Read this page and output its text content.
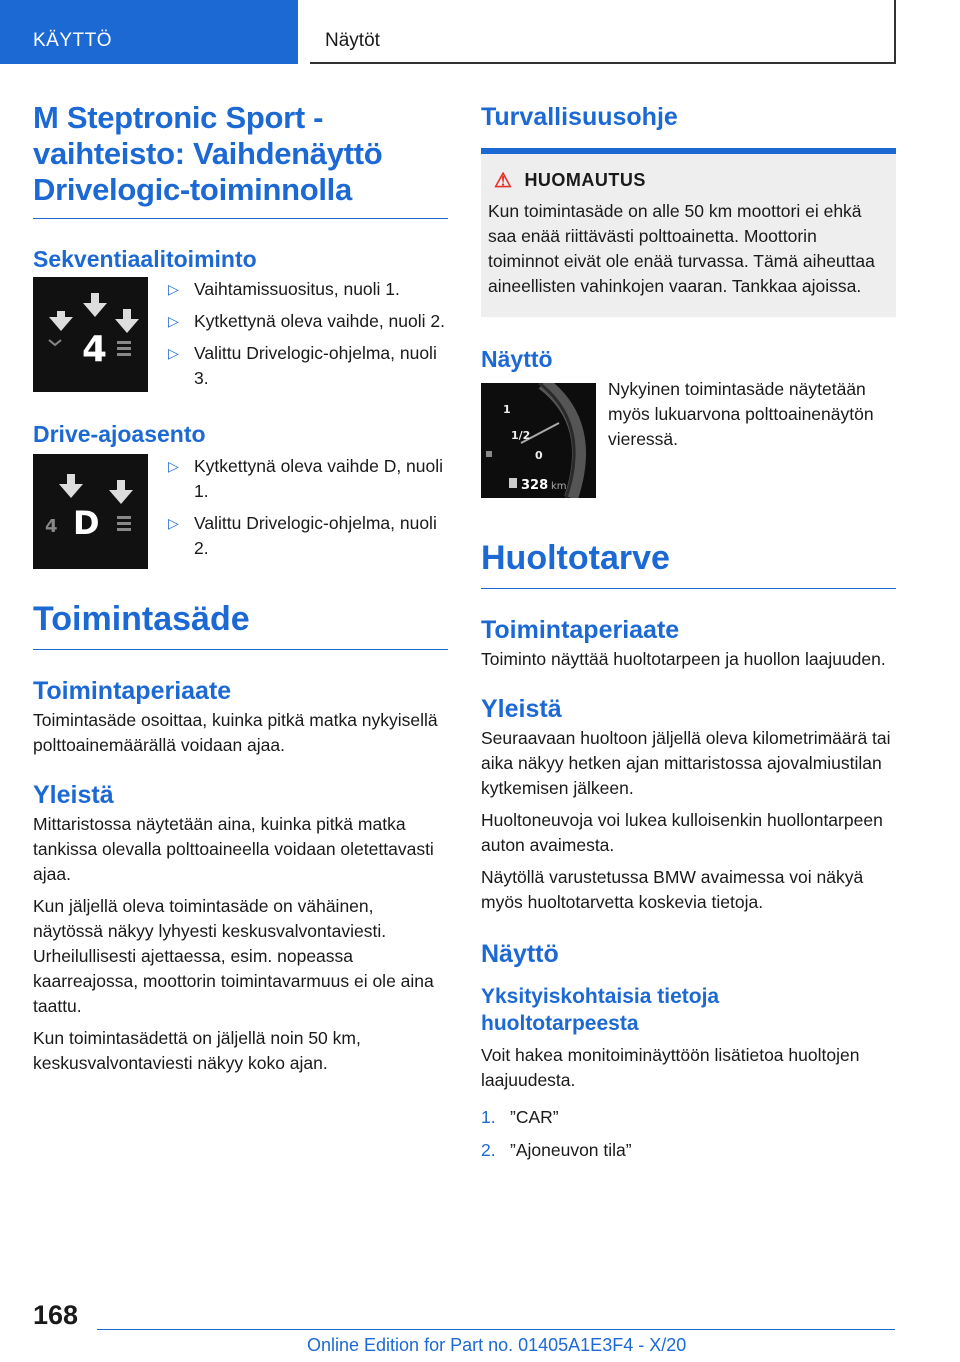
KÄYTTÖ	Näytöt
M Steptronic Sport -
vaihteisto: Vaihdenäyttö
Drivelogic-toiminnolla
Sekventiaalitoiminto
1
2
3
4
▷ Vaihtamissuositus, nuoli 1.
▷ Kytkettynä oleva vaihde, nuoli 2.
▷ Valittu Drivelogic-ohjelma, nuoli 3.
Drive-ajoasento
1
2
4 D
▷ Kytkettynä oleva vaihde D, nuoli 1.
▷ Valittu Drivelogic-ohjelma, nuoli 2.
Toimintasäde
Toimintaperiaate

Toimintasäde osoittaa, kuinka pitkä matka nykyisellä polttoainemäärällä voidaan ajaa.

Yleistä

Mittaristossa näytetään aina, kuinka pitkä matka tankissa olevalla polttoaineella voidaan oletettavasti ajaa.

Kun jäljellä oleva toimintasäde on vähäinen, näytössä näkyy lyhyesti keskusvalvontaviesti. Urheilullisesti ajettaessa, esim. nopeassa kaarreajossa, moottorin toimintavarmuus ei ole aina taattu.

Kun toimintasädettä on jäljellä noin 50 km, keskusvalvontaviesti näkyy koko ajan.

Turvallisuusohje
⚠ HUOMAUTUS

Kun toimintasäde on alle 50 km moottori ei ehkä saa enää riittävästi polttoainetta. Moottorin toiminnot eivät ole enää turvassa. Tämä aiheuttaa aineellisten vahinkojen vaaran. Tankkaa ajoissa.

Näyttö
1
1/2
0
328 km

Nykyinen toimintasäde näytetään myös lukuarvona polttoainenäytön vieressä.

Huoltotarve
Toimintaperiaate

Toiminto näyttää huoltotarpeen ja huollon laajuuden.

Yleistä

Seuraavaan huoltoon jäljellä oleva kilometrimäärä tai aika näkyy hetken ajan mittaristossa ajovalmiustilan kytkemisen jälkeen.

Huoltoneuvoja voi lukea kulloisenkin huollontarpeen auton avaimesta.

Näytöllä varustetussa BMW avaimessa voi näkyä myös huoltotarvetta koskevia tietoja.

Näyttö
Yksityiskohtaisia tietoja huoltotarpeesta

Voit hakea monitoiminäyttöön lisätietoa huoltojen laajuudesta.

1. ”CAR”
2. ”Ajoneuvon tila”
168
Online Edition for Part no. 01405A1E3F4 - X/20
